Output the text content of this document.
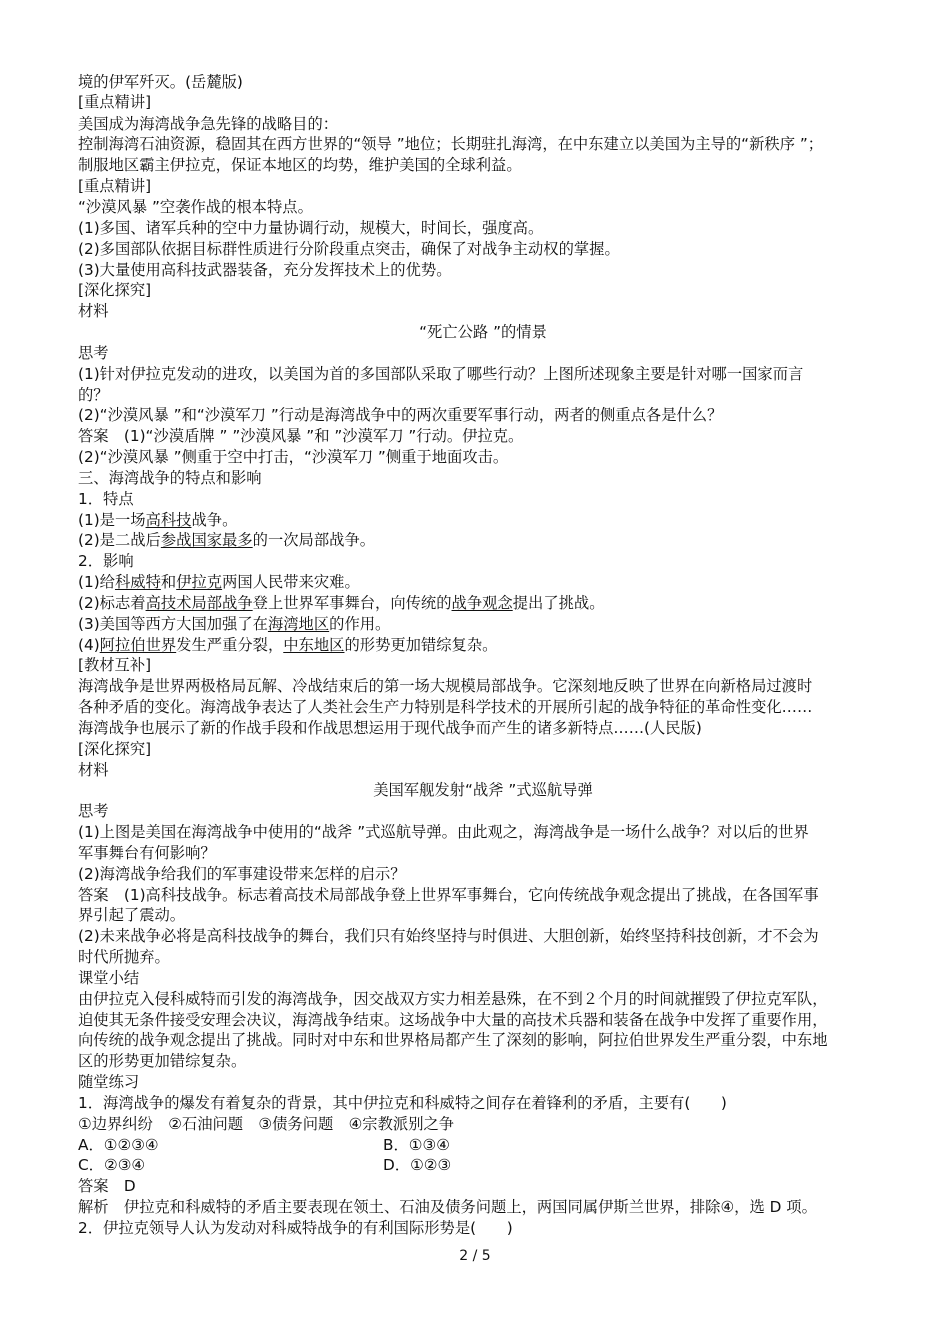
境的伊军歼灭。(岳麓版)
[重点精讲]
美国成为海湾战争急先锋的战略目的：
控制海湾石油资源，稳固其在西方世界的“领导 ”地位；长期驻扎海湾，在中东建立以美国为主导的“新秩序 ”；
制服地区霸主伊拉克，保证本地区的均势，维护美国的全球利益。
[重点精讲]
“沙漠风暴 ”空袭作战的根本特点。
(1)多国、诸军兵种的空中力量协调行动，规模大，时间长，强度高。
(2)多国部队依据目标群性质进行分阶段重点突击，确保了对战争主动权的掌握。
(3)大量使用高科技武器装备，充分发挥技术上的优势。
[深化探究]
材料
“死亡公路 ”的情景
思考
(1)针对伊拉克发动的进攻，以美国为首的多国部队采取了哪些行动？上图所述现象主要是针对哪一国家而言
的？
(2)“沙漠风暴 ”和“沙漠军刀 ”行动是海湾战争中的两次重要军事行动，两者的侧重点各是什么？
答案　(1)“沙漠盾牌 ” ”沙漠风暴 ”和 ”沙漠军刀 ”行动。伊拉克。
(2)“沙漠风暴 ”侧重于空中打击，“沙漠军刀 ”侧重于地面攻击。
三、海湾战争的特点和影响
1．特点
(1)是一场高科技战争。
(2)是二战后参战国家最多的一次局部战争。
2．影响
(1)给科威特和伊拉克两国人民带来灾难。
(2)标志着高技术局部战争登上世界军事舞台，向传统的战争观念提出了挑战。
(3)美国等西方大国加强了在海湾地区的作用。
(4)阿拉伯世界发生严重分裂，中东地区的形势更加错综复杂。
[教材互补]
海湾战争是世界两极格局瓦解、冷战结束后的第一场大规模局部战争。它深刻地反映了世界在向新格局过渡时
各种矛盾的变化。海湾战争表达了人类社会生产力特别是科学技术的开展所引起的战争特征的革命性变化……
海湾战争也展示了新的作战手段和作战思想运用于现代战争而产生的诸多新特点……(人民版)
[深化探究]
材料
美国军舰发射“战斧 ”式巡航导弹
思考
(1)上图是美国在海湾战争中使用的“战斧 ”式巡航导弹。由此观之，海湾战争是一场什么战争？对以后的世界
军事舞台有何影响？
(2)海湾战争给我们的军事建设带来怎样的启示？
答案　(1)高科技战争。标志着高技术局部战争登上世界军事舞台，它向传统战争观念提出了挑战，在各国军事
界引起了震动。
(2)未来战争必将是高科技战争的舞台，我们只有始终坚持与时俱进、大胆创新，始终坚持科技创新，才不会为
时代所抛弃。
课堂小结
由伊拉克入侵科威特而引发的海湾战争，因交战双方实力相差悬殊，在不到２个月的时间就摧毁了伊拉克军队，
迫使其无条件接受安理会决议，海湾战争结束。这场战争中大量的高技术兵器和装备在战争中发挥了重要作用，
向传统的战争观念提出了挑战。同时对中东和世界格局都产生了深刻的影响，阿拉伯世界发生严重分裂，中东地
区的形势更加错综复杂。
随堂练习
1．海湾战争的爆发有着复杂的背景，其中伊拉克和科威特之间存在着锋利的矛盾，主要有(　　)
①边界纠纷　②石油问题　③债务问题　④宗教派别之争
A．①②③④	B．①③④
C．②③④	D．①②③
答案　D
解析　伊拉克和科威特的矛盾主要表现在领土、石油及债务问题上，两国同属伊斯兰世界，排除④，选 D 项。
2．伊拉克领导人认为发动对科威特战争的有利国际形势是(　　)
2 / 5
